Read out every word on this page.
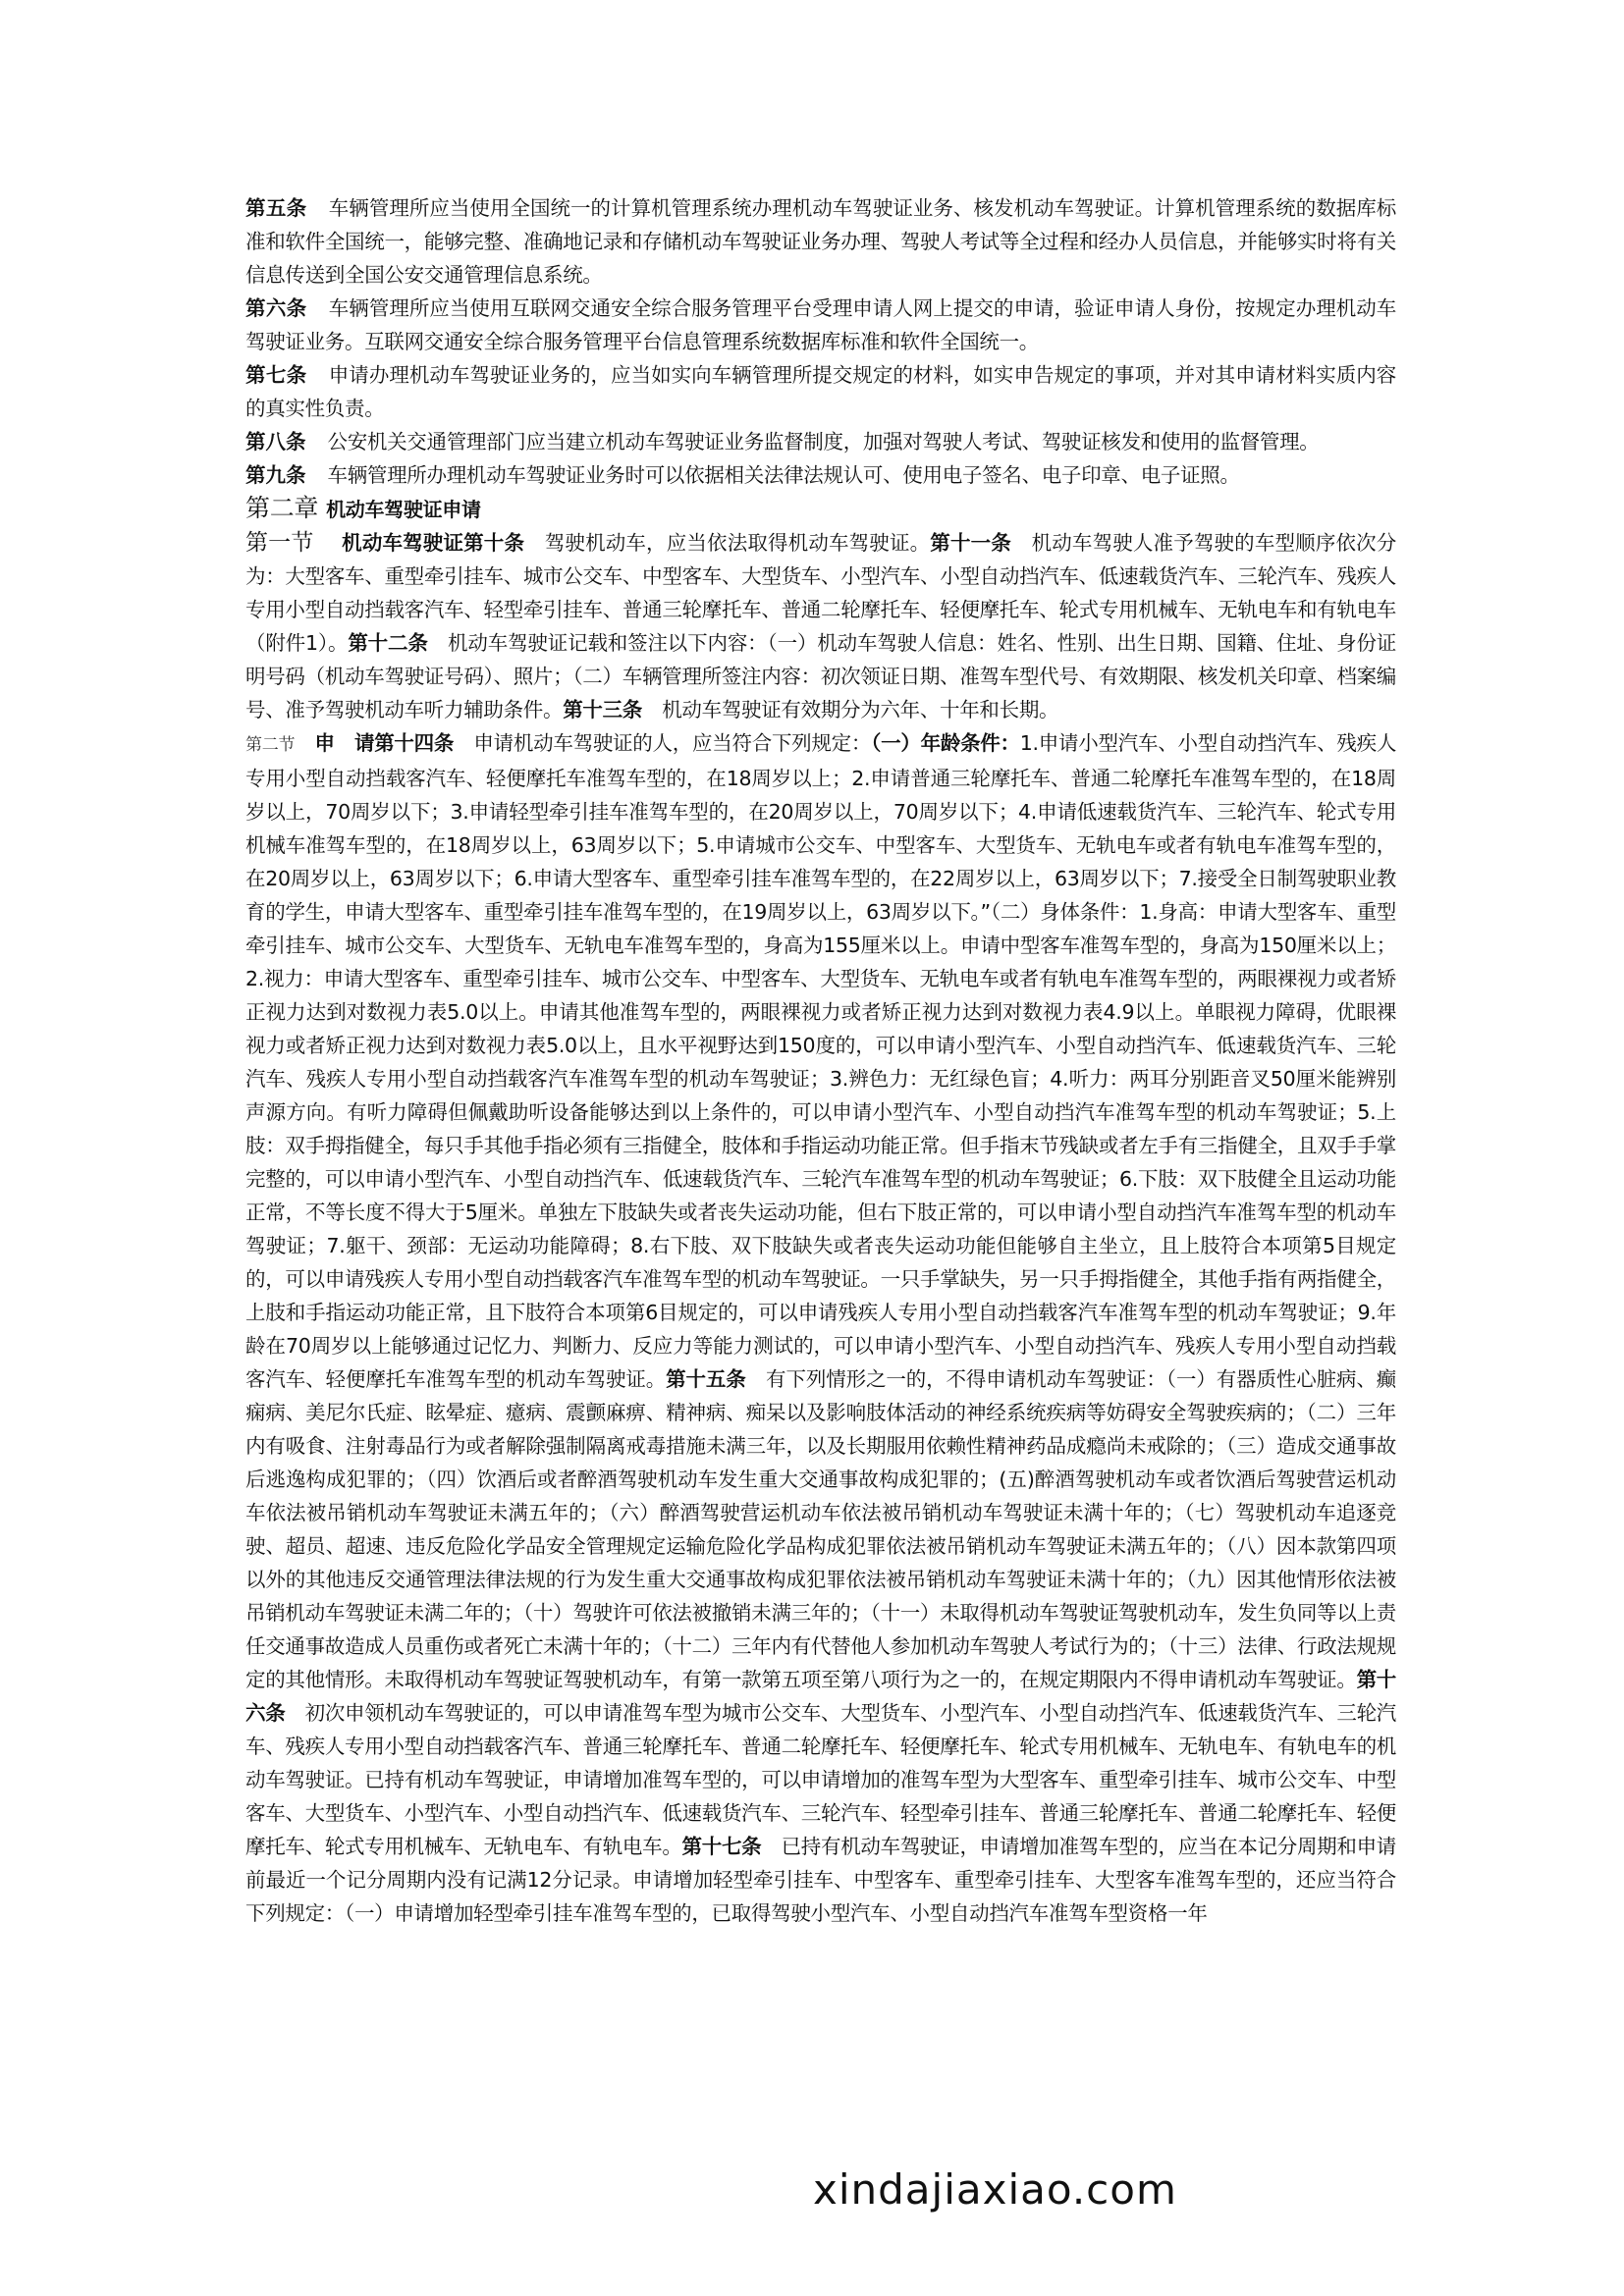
第五条 车辆管理所应当使用全国统一的计算机管理系统办理机动车驾驶证业务、核发机动车驾驶证。计算机管理系统的数据库标准和软件全国统一，能够完整、准确地记录和存储机动车驾驶证业务办理、驾驶人考试等全过程和经办人员信息，并能够实时将有关信息传送到全国公安交通管理信息系统。

第六条 车辆管理所应当使用互联网交通安全综合服务管理平台受理申请人网上提交的申请，验证申请人身份，按规定办理机动车驾驶证业务。互联网交通安全综合服务管理平台信息管理系统数据库标准和软件全国统一。

第七条 申请办理机动车驾驶证业务的，应当如实向车辆管理所提交规定的材料，如实申告规定的事项，并对其申请材料实质内容的真实性负责。

第八条 公安机关交通管理部门应当建立机动车驾驶证业务监督制度，加强对驾驶人考试、驾驶证核发和使用的监督管理。

第九条 车辆管理所办理机动车驾驶证业务时可以依据相关法律法规认可、使用电子签名、电子印章、电子证照。

第二章 机动车驾驶证申请

第一节 机动车驾驶证第十条　驾驶机动车，应当依法取得机动车驾驶证。第十一条　机动车驾驶人准予驾驶的车型顺序依次分为：大型客车、重型牵引挂车、城市公交车、中型客车、大型货车、小型汽车、小型自动挡汽车、低速载货汽车、三轮汽车、残疾人专用小型自动挡载客汽车、轻型牵引挂车、普通三轮摩托车、普通二轮摩托车、轻便摩托车、轮式专用机械车、无轨电车和有轨电车（附件1）。第十二条　机动车驾驶证记载和签注以下内容：（一）机动车驾驶人信息：姓名、性别、出生日期、国籍、住址、身份证明号码（机动车驾驶证号码）、照片；（二）车辆管理所签注内容：初次领证日期、准驾车型代号、有效期限、核发机关印章、档案编号、准予驾驶机动车听力辅助条件。第十三条　机动车驾驶证有效期分为六年、十年和长期。

第二节 申　请第十四条　申请机动车驾驶证的人，应当符合下列规定：（一）年龄条件：1.申请小型汽车、小型自动挡汽车、残疾人专用小型自动挡载客汽车、轻便摩托车准驾车型的，在18周岁以上；2.申请普通三轮摩托车、普通二轮摩托车准驾车型的，在18周岁以上，70周岁以下；3.申请轻型牵引挂车准驾车型的，在20周岁以上，70周岁以下；4.申请低速载货汽车、三轮汽车、轮式专用机械车准驾车型的，在18周岁以上，63周岁以下；5.申请城市公交车、中型客车、大型货车、无轨电车或者有轨电车准驾车型的，在20周岁以上，63周岁以下；6.申请大型客车、重型牵引挂车准驾车型的，在22周岁以上，63周岁以下；7.接受全日制驾驶职业教育的学生，申请大型客车、重型牵引挂车准驾车型的，在19周岁以上，63周岁以下。”（二）身体条件：1.身高：申请大型客车、重型牵引挂车、城市公交车、大型货车、无轨电车准驾车型的，身高为155厘米以上。申请中型客车准驾车型的，身高为150厘米以上；2.视力：申请大型客车、重型牵引挂车、城市公交车、中型客车、大型货车、无轨电车或者有轨电车准驾车型的，两眼裸视力或者矫正视力达到对数视力表5.0以上。申请其他准驾车型的，两眼裸视力或者矫正视力达到对数视力表4.9以上。单眼视力障碍，优眼裸视力或者矫正视力达到对数视力表5.0以上，且水平视野达到150度的，可以申请小型汽车、小型自动挡汽车、低速载货汽车、三轮汽车、残疾人专用小型自动挡载客汽车准驾车型的机动车驾驶证；3.辨色力：无红绿色盲；4.听力：两耳分别距音叉50厘米能辨别声源方向。有听力障碍但佩戴助听设备能够达到以上条件的，可以申请小型汽车、小型自动挡汽车准驾车型的机动车驾驶证；5.上肢：双手拇指健全，每只手其他手指必须有三指健全，肢体和手指运动功能正常。但手指末节残缺或者左手有三指健全，且双手手掌完整的，可以申请小型汽车、小型自动挡汽车、低速载货汽车、三轮汽车准驾车型的机动车驾驶证；6.下肢：双下肢健全且运动功能正常，不等长度不得大于5厘米。单独左下肢缺失或者丧失运动功能，但右下肢正常的，可以申请小型自动挡汽车准驾车型的机动车驾驶证；7.躯干、颈部：无运动功能障碍；8.右下肢、双下肢缺失或者丧失运动功能但能够自主坐立，且上肢符合本项第5目规定的，可以申请残疾人专用小型自动挡载客汽车准驾车型的机动车驾驶证。一只手掌缺失，另一只手拇指健全，其他手指有两指健全，上肢和手指运动功能正常，且下肢符合本项第6目规定的，可以申请残疾人专用小型自动挡载客汽车准驾车型的机动车驾驶证；9.年龄在70周岁以上能够通过记忆力、判断力、反应力等能力测试的，可以申请小型汽车、小型自动挡汽车、残疾人专用小型自动挡载客汽车、轻便摩托车准驾车型的机动车驾驶证。第十五条　有下列情形之一的，不得申请机动车驾驶证：（一）有器质性心脏病、癫痫病、美尼尔氏症、眩晕症、癔病、震颤麻痹、精神病、痴呆以及影响肢体活动的神经系统疾病等妨碍安全驾驶疾病的；（二）三年内有吸食、注射毒品行为或者解除强制隔离戒毒措施未满三年，以及长期服用依赖性精神药品成瘾尚未戒除的；（三）造成交通事故后逃逸构成犯罪的；（四）饮酒后或者醉酒驾驶机动车发生重大交通事故构成犯罪的；(五)醉酒驾驶机动车或者饮酒后驾驶营运机动车依法被吊销机动车驾驶证未满五年的；（六）醉酒驾驶营运机动车依法被吊销机动车驾驶证未满十年的；（七）驾驶机动车追逐竞驶、超员、超速、违反危险化学品安全管理规定运输危险化学品构成犯罪依法被吊销机动车驾驶证未满五年的；（八）因本款第四项以外的其他违反交通管理法律法规的行为发生重大交通事故构成犯罪依法被吊销机动车驾驶证未满十年的；（九）因其他情形依法被吊销机动车驾驶证未满二年的；（十）驾驶许可依法被撤销未满三年的；（十一）未取得机动车驾驶证驾驶机动车，发生负同等以上责任交通事故造成人员重伤或者死亡未满十年的；（十二）三年内有代替他人参加机动车驾驶人考试行为的；（十三）法律、行政法规规定的其他情形。未取得机动车驾驶证驾驶机动车，有第一款第五项至第八项行为之一的，在规定期限内不得申请机动车驾驶证。第十六条　初次申领机动车驾驶证的，可以申请准驾车型为城市公交车、大型货车、小型汽车、小型自动挡汽车、低速载货汽车、三轮汽车、残疾人专用小型自动挡载客汽车、普通三轮摩托车、普通二轮摩托车、轻便摩托车、轮式专用机械车、无轨电车、有轨电车的机动车驾驶证。已持有机动车驾驶证，申请增加准驾车型的，可以申请增加的准驾车型为大型客车、重型牵引挂车、城市公交车、中型客车、大型货车、小型汽车、小型自动挡汽车、低速载货汽车、三轮汽车、轻型牵引挂车、普通三轮摩托车、普通二轮摩托车、轻便摩托车、轮式专用机械车、无轨电车、有轨电车。第十七条　已持有机动车驾驶证，申请增加准驾车型的，应当在本记分周期和申请前最近一个记分周期内没有记满12分记录。申请增加轻型牵引挂车、中型客车、重型牵引挂车、大型客车准驾车型的，还应当符合下列规定：（一）申请增加轻型牵引挂车准驾车型的，已取得驾驶小型汽车、小型自动挡汽车准驾车型资格一年

xindajiaxiao.com
